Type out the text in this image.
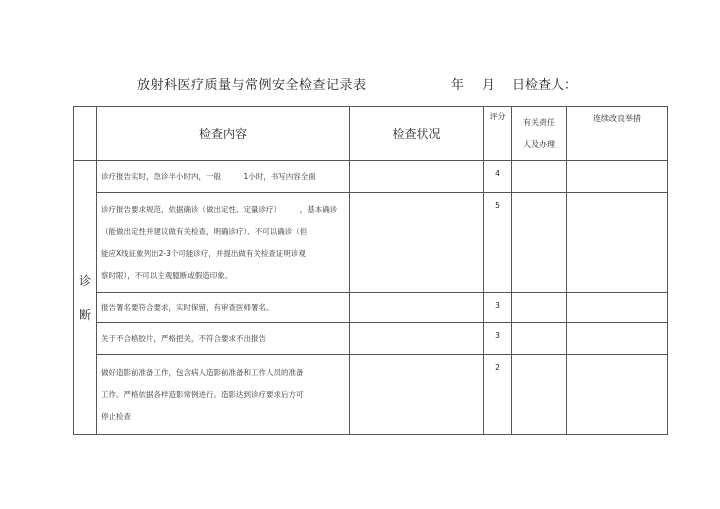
放射科医疗质量与常例安全检查记录表	年 月 日检查人：
	检查内容	检查状况	评分	有关责任
人及办理	连续改良举措

诊
断	诊疗报告实时，急诊半小时内，一般　　　1小时，书写内容全面		4		

	诊疗报告要求规范，依据确诊（做出定性、定量诊疗）　　　，基本确诊
（能做出定性并建议做有关检查，明确诊疗）、不可以确诊（但
能应X线征象列出2-3个可能诊疗，并提出做有关检查证明诊观
察时限），不可以主观臆断或假造印象。		5		

	报告署名要符合要求，实时保留，有审查医师署名。		3		

	关于不合格胶片，严格把关，不符合要求不出报告		3		

	做好造影前准备工作，包含病人造影前准备和工作人员的准备
工作。严格依据各样造影常例进行。造影达到诊疗要求后方可
停止检查		2		
